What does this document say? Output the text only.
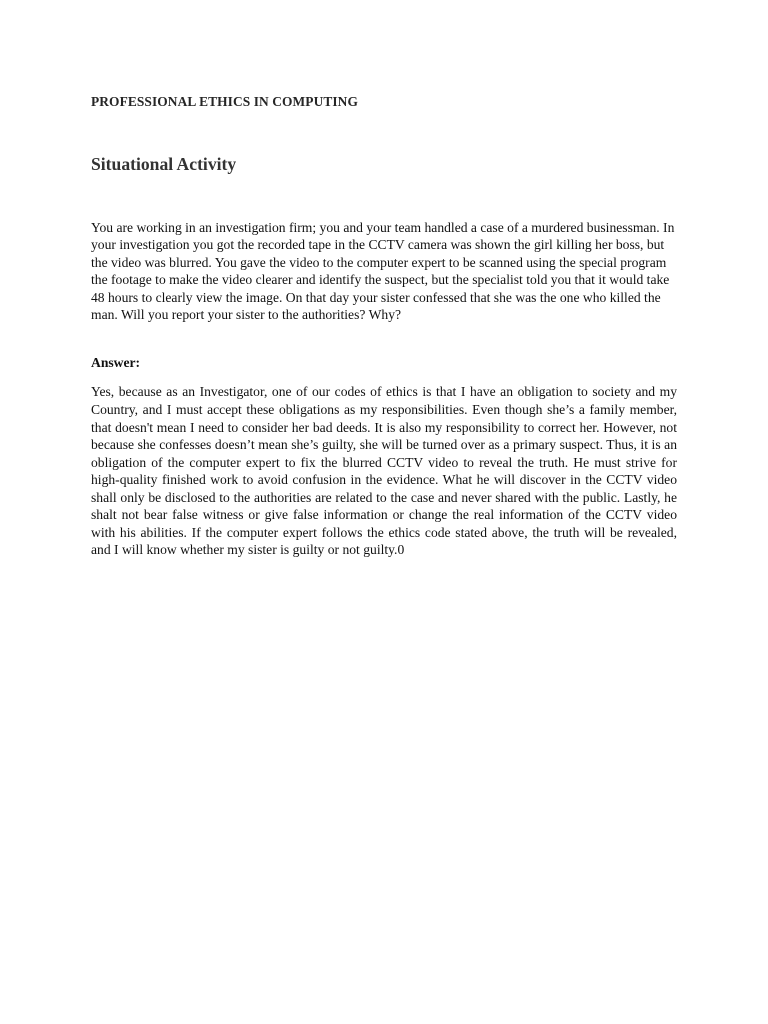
PROFESSIONAL ETHICS IN COMPUTING
Situational Activity

You are working in an investigation firm; you and your team handled a case of a murdered businessman. In your investigation you got the recorded tape in the CCTV camera was shown the girl killing her boss, but the video was blurred. You gave the video to the computer expert to be scanned using the special program the footage to make the video clearer and identify the suspect, but the specialist told you that it would take 48 hours to clearly view the image. On that day your sister confessed that she was the one who killed the man. Will you report your sister to the authorities? Why?

Answer:

Yes, because as an Investigator, one of our codes of ethics is that I have an obligation to society and my Country, and I must accept these obligations as my responsibilities. Even though she’s a family member, that doesn't mean I need to consider her bad deeds. It is also my responsibility to correct her. However, not because she confesses doesn’t mean she’s guilty, she will be turned over as a primary suspect. Thus, it is an obligation of the computer expert to fix the blurred CCTV video to reveal the truth. He must strive for high-quality finished work to avoid confusion in the evidence. What he will discover in the CCTV video shall only be disclosed to the authorities are related to the case and never shared with the public. Lastly, he shalt not bear false witness or give false information or change the real information of the CCTV video with his abilities. If the computer expert follows the ethics code stated above, the truth will be revealed, and I will know whether my sister is guilty or not guilty.0
